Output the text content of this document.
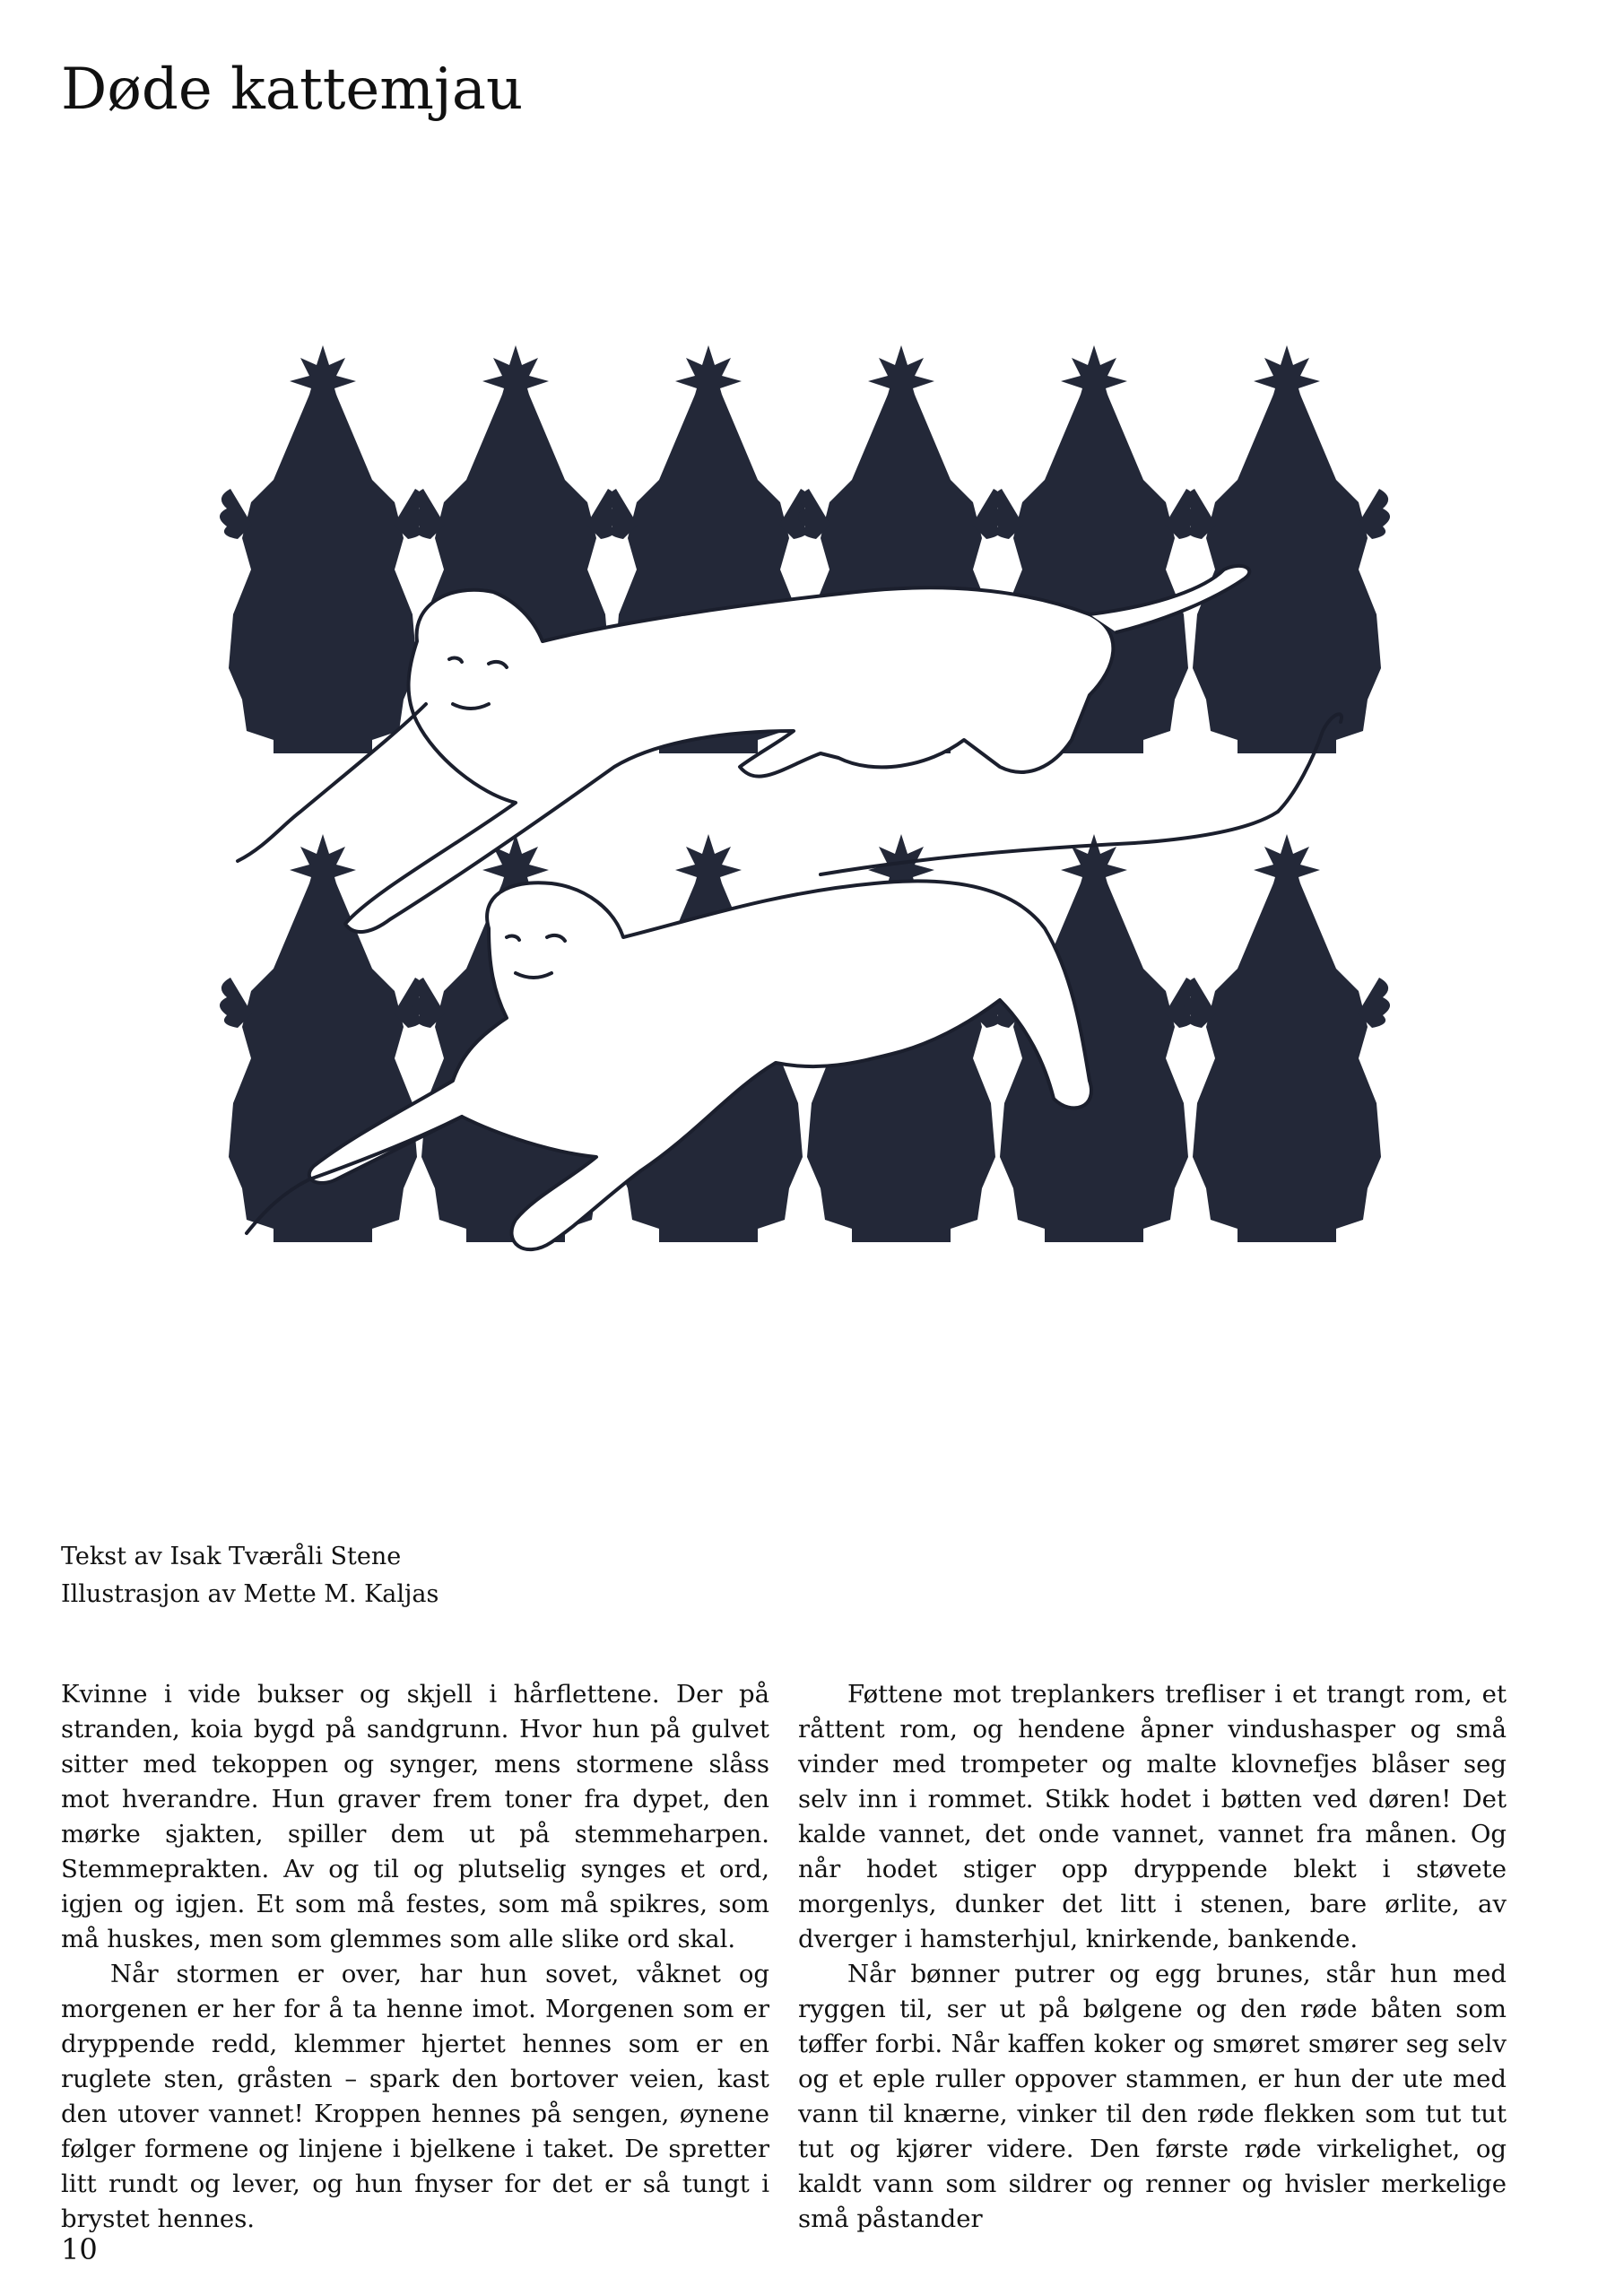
Døde kattemjau
Tekst av Isak Tværåli Stene
Illustrasjon av Mette M. Kaljas

Kvinne i vide bukser og skjell i hårflettene. Der på stranden, koia bygd på sandgrunn. Hvor hun på gulvet sitter med tekoppen og synger, mens stormene slåss mot hverandre. Hun graver frem toner fra dypet, den mørke sjakten, spiller dem ut på stemmeharpen. Stemmeprakten. Av og til og plutselig synges et ord, igjen og igjen. Et som må festes, som må spikres, som må huskes, men som glemmes som alle slike ord skal.

Når stormen er over, har hun sovet, våknet og morgenen er her for å ta henne imot. Morgenen som er dryppende redd, klemmer hjertet hennes som er en ruglete sten, gråsten – spark den bortover veien, kast den utover vannet! Kroppen hennes på sengen, øynene følger formene og linjene i bjelkene i taket. De spretter litt rundt og lever, og hun fnyser for det er så tungt i brystet hennes.

Føttene mot treplankers trefliser i et trangt rom, et råttent rom, og hendene åpner vindushasper og små vinder med trompeter og malte klovnefjes blåser seg selv inn i rommet. Stikk hodet i bøtten ved døren! Det kalde vannet, det onde vannet, vannet fra månen. Og når hodet stiger opp dryppende blekt i støvete morgenlys, dunker det litt i stenen, bare ørlite, av dverger i hamsterhjul, knirkende, bankende.

Når bønner putrer og egg brunes, står hun med ryggen til, ser ut på bølgene og den røde båten som tøffer forbi. Når kaffen koker og smøret smører seg selv og et eple ruller oppover stammen, er hun der ute med vann til knærne, vinker til den røde flekken som tut tut tut og kjører videre. Den første røde virkelighet, og kaldt vann som sildrer og renner og hvisler merkelige små påstander

10
